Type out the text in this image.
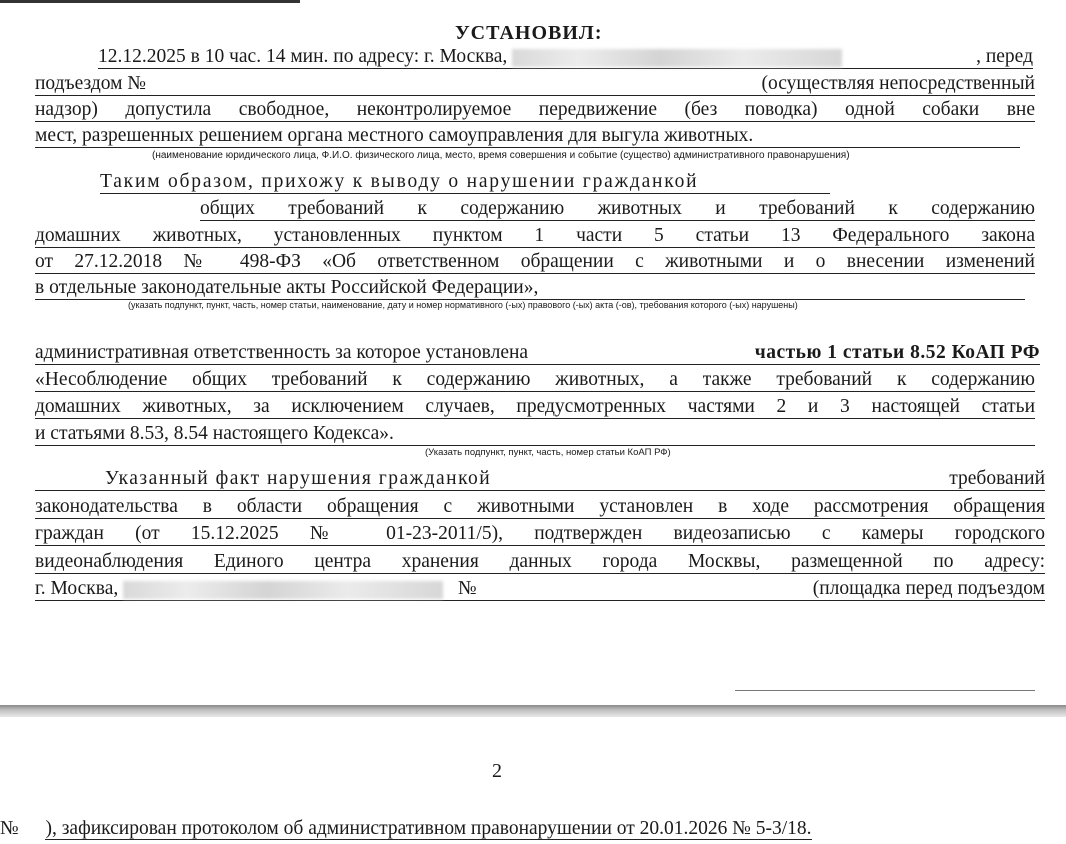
УСТАНОВИЛ:
12.12.2025 в 10 час. 14 мин. по адресу: г. Москва,	, перед
подъездом №	(осуществляя непосредственный
надзор) допустила свободное, неконтролируемое передвижение (без поводка) одной собаки вне
мест, разрешенных решением органа местного самоуправления для выгула животных.
(наименование юридического лица, Ф.И.О. физического лица, место, время совершения и событие (существо) административного правонарушения)
Таким образом, прихожу к выводу о нарушении гражданкой
общих требований к содержанию животных и требований к содержанию
домашних животных, установленных пунктом 1 части 5 статьи 13 Федерального закона
от 27.12.2018 № 498-ФЗ «Об ответственном обращении с животными и о внесении изменений
в отдельные законодательные акты Российской Федерации»,
(указать подпункт, пункт, часть, номер статьи, наименование, дату и номер нормативного (-ых) правового (-ых) акта (-ов), требования которого (-ых) нарушены)
административная ответственность за которое установлена	частью 1 статьи 8.52 КоАП РФ
«Несоблюдение общих требований к содержанию животных, а также требований к содержанию
домашних животных, за исключением случаев, предусмотренных частями 2 и 3 настоящей статьи
и статьями 8.53, 8.54 настоящего Кодекса».
(Указать подпункт, пункт, часть, номер статьи КоАП РФ)
Указанный факт нарушения гражданкой	требований
законодательства в области обращения с животными установлен в ходе рассмотрения обращения
граждан (от 15.12.2025 № 01-23-2011/5), подтвержден видеозаписью с камеры городского
видеонаблюдения Единого центра хранения данных города Москвы, размещенной по адресу:
г. Москва,	№	(площадка перед подъездом
2
№ ), зафиксирован протоколом об административном правонарушении от 20.01.2026 № 5-3/18.
